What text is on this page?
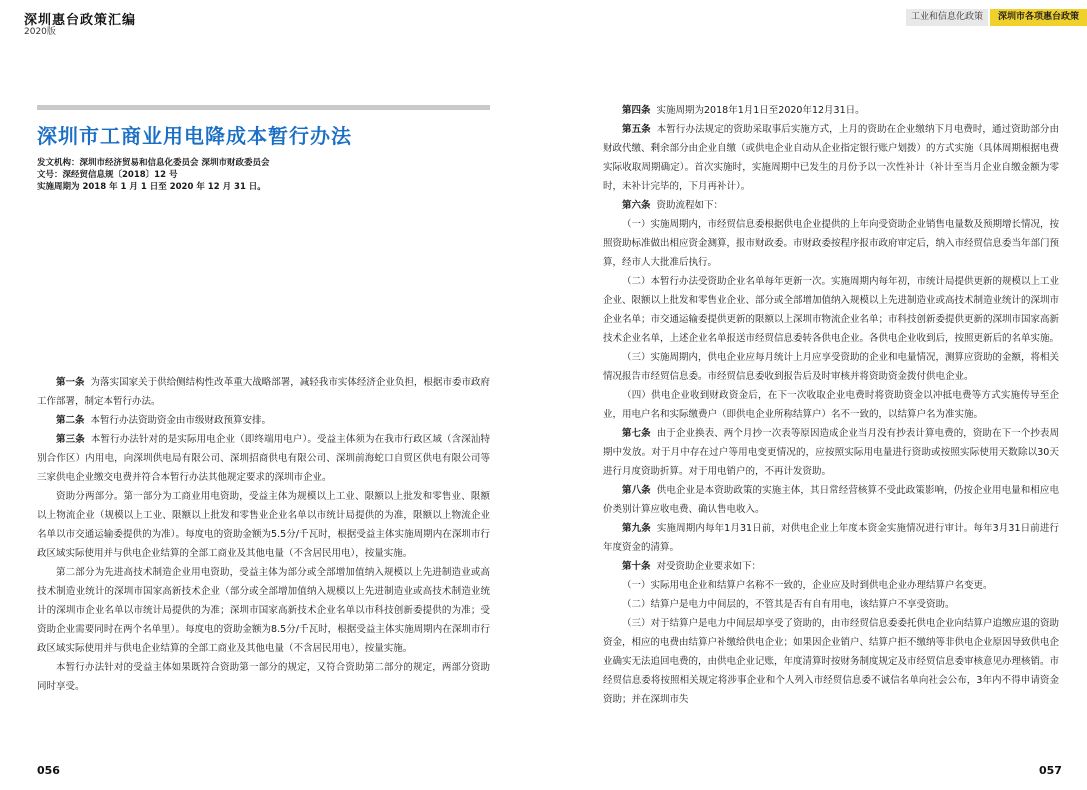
深圳惠台政策汇编
2020版
工业和信息化政策	深圳市各项惠台政策
深圳市工商业用电降成本暂行办法
发文机构：深圳市经济贸易和信息化委员会 深圳市财政委员会
文号：深经贸信息规〔2018〕12 号
实施周期为 2018 年 1 月 1 日至 2020 年 12 月 31 日。

第一条 为落实国家关于供给侧结构性改革重大战略部署，减轻我市实体经济企业负担，根据市委市政府工作部署，制定本暂行办法。

第二条 本暂行办法资助资金由市级财政预算安排。

第三条 本暂行办法针对的是实际用电企业（即终端用电户）。受益主体须为在我市行政区域（含深汕特别合作区）内用电，向深圳供电局有限公司、深圳招商供电有限公司、深圳前海蛇口自贸区供电有限公司等三家供电企业缴交电费并符合本暂行办法其他规定要求的深圳市企业。

资助分两部分。第一部分为工商业用电资助，受益主体为规模以上工业、限额以上批发和零售业、限额以上物流企业（规模以上工业、限额以上批发和零售业企业名单以市统计局提供的为准，限额以上物流企业名单以市交通运输委提供的为准）。每度电的资助金额为5.5分/千瓦时，根据受益主体实施周期内在深圳市行政区域实际使用并与供电企业结算的全部工商业及其他电量（不含居民用电），按量实施。

第二部分为先进高技术制造企业用电资助，受益主体为部分或全部增加值纳入规模以上先进制造业或高技术制造业统计的深圳市国家高新技术企业（部分或全部增加值纳入规模以上先进制造业或高技术制造业统计的深圳市企业名单以市统计局提供的为准；深圳市国家高新技术企业名单以市科技创新委提供的为准；受资助企业需要同时在两个名单里）。每度电的资助金额为8.5分/千瓦时，根据受益主体实施周期内在深圳市行政区域实际使用并与供电企业结算的全部工商业及其他电量（不含居民用电），按量实施。

本暂行办法针对的受益主体如果既符合资助第一部分的规定，又符合资助第二部分的规定，两部分资助同时享受。

056

第四条 实施周期为2018年1月1日至2020年12月31日。

第五条 本暂行办法规定的资助采取事后实施方式，上月的资助在企业缴纳下月电费时，通过资助部分由财政代缴、剩余部分由企业自缴（或供电企业自动从企业指定银行账户划拨）的方式实施（具体周期根据电费实际收取周期确定）。首次实施时，实施周期中已发生的月份予以一次性补计（补计至当月企业自缴金额为零时，未补计完毕的，下月再补计）。

第六条 资助流程如下：

（一）实施周期内，市经贸信息委根据供电企业提供的上年向受资助企业销售电量数及预期增长情况，按照资助标准做出相应资金测算，报市财政委。市财政委按程序报市政府审定后，纳入市经贸信息委当年部门预算，经市人大批准后执行。

（二）本暂行办法受资助企业名单每年更新一次。实施周期内每年初，市统计局提供更新的规模以上工业企业、限额以上批发和零售业企业、部分或全部增加值纳入规模以上先进制造业或高技术制造业统计的深圳市企业名单；市交通运输委提供更新的限额以上深圳市物流企业名单；市科技创新委提供更新的深圳市国家高新技术企业名单，上述企业名单报送市经贸信息委转各供电企业。各供电企业收到后，按照更新后的名单实施。

（三）实施周期内，供电企业应每月统计上月应享受资助的企业和电量情况，测算应资助的金额，将相关情况报告市经贸信息委。市经贸信息委收到报告后及时审核并将资助资金拨付供电企业。

（四）供电企业收到财政资金后，在下一次收取企业电费时将资助资金以冲抵电费等方式实施传导至企业，用电户名和实际缴费户（即供电企业所称结算户）名不一致的，以结算户名为准实施。

第七条 由于企业换表、两个月抄一次表等原因造成企业当月没有抄表计算电费的，资助在下一个抄表周期中发放。对于月中存在过户等用电变更情况的，应按照实际用电量进行资助或按照实际使用天数除以30天进行月度资助折算。对于用电销户的，不再计发资助。

第八条 供电企业是本资助政策的实施主体，其日常经营核算不受此政策影响，仍按企业用电量和相应电价类别计算应收电费、确认售电收入。

第九条 实施周期内每年1月31日前，对供电企业上年度本资金实施情况进行审计。每年3月31日前进行年度资金的清算。

第十条 对受资助企业要求如下：

（一）实际用电企业和结算户名称不一致的，企业应及时到供电企业办理结算户名变更。

（二）结算户是电力中间层的，不管其是否有自有用电，该结算户不享受资助。

（三）对于结算户是电力中间层却享受了资助的，由市经贸信息委委托供电企业向结算户追缴应退的资助资金，相应的电费由结算户补缴给供电企业；如果因企业销户、结算户拒不缴纳等非供电企业原因导致供电企业确实无法追回电费的，由供电企业记账，年度清算时按财务制度规定及市经贸信息委审核意见办理核销。市经贸信息委将按照相关规定将涉事企业和个人列入市经贸信息委不诚信名单向社会公布，3年内不得申请资金资助；并在深圳市失

057
